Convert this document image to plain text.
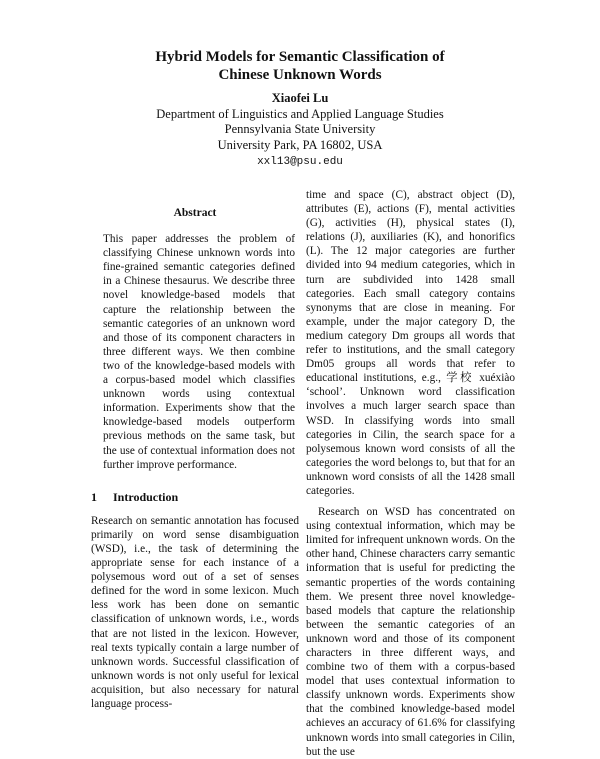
Hybrid Models for Semantic Classification of
Chinese Unknown Words
Xiaofei Lu
Department of Linguistics and Applied Language Studies
Pennsylvania State University
University Park, PA 16802, USA
xxl13@psu.edu
Abstract

This paper addresses the problem of classifying Chinese unknown words into fine-grained semantic categories defined in a Chinese thesaurus. We describe three novel knowledge-based models that capture the relationship between the semantic categories of an unknown word and those of its component characters in three different ways. We then combine two of the knowledge-based models with a corpus-based model which classifies unknown words using contextual information. Experiments show that the knowledge-based models outperform previous methods on the same task, but the use of contextual information does not further improve performance.

1 Introduction

Research on semantic annotation has focused primarily on word sense disambiguation (WSD), i.e., the task of determining the appropriate sense for each instance of a polysemous word out of a set of senses defined for the word in some lexicon. Much less work has been done on semantic classification of unknown words, i.e., words that are not listed in the lexicon. However, real texts typically contain a large number of unknown words. Successful classification of unknown words is not only useful for lexical acquisition, but also necessary for natural language process-

time and space (C), abstract object (D), attributes (E), actions (F), mental activities (G), activities (H), physical states (I), relations (J), auxiliaries (K), and honorifics (L). The 12 major categories are further divided into 94 medium categories, which in turn are subdivided into 1428 small categories. Each small category contains synonyms that are close in meaning. For example, under the major category D, the medium category Dm groups all words that refer to institutions, and the small category Dm05 groups all words that refer to educational institutions, e.g., 学校 xuéxiào ‘school’. Unknown word classification involves a much larger search space than WSD. In classifying words into small categories in Cilin, the search space for a polysemous known word consists of all the categories the word belongs to, but that for an unknown word consists of all the 1428 small categories.

Research on WSD has concentrated on using contextual information, which may be limited for infrequent unknown words. On the other hand, Chinese characters carry semantic information that is useful for predicting the semantic properties of the words containing them. We present three novel knowledge-based models that capture the relationship between the semantic categories of an unknown word and those of its component characters in three different ways, and combine two of them with a corpus-based model that uses contextual information to classify unknown words. Experiments show that the combined knowledge-based model achieves an accuracy of 61.6% for classifying unknown words into small categories in Cilin, but the use
